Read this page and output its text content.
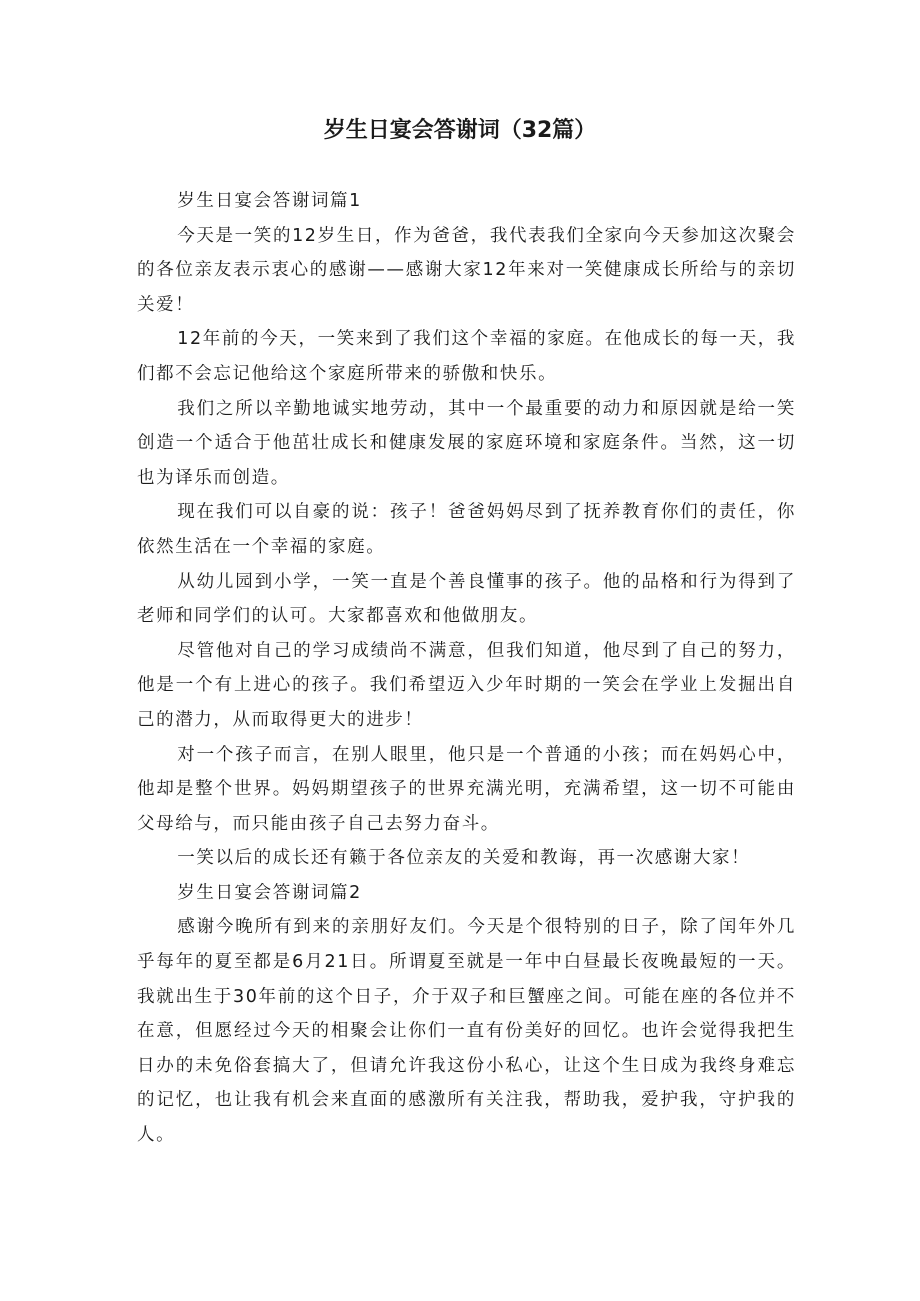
岁生日宴会答谢词（32篇）

岁生日宴会答谢词篇1

今天是一笑的12岁生日，作为爸爸，我代表我们全家向今天参加这次聚会的各位亲友表示衷心的感谢——感谢大家12年来对一笑健康成长所给与的亲切关爱！

12年前的今天，一笑来到了我们这个幸福的家庭。在他成长的每一天，我们都不会忘记他给这个家庭所带来的骄傲和快乐。

我们之所以辛勤地诚实地劳动，其中一个最重要的动力和原因就是给一笑创造一个适合于他茁壮成长和健康发展的家庭环境和家庭条件。当然，这一切也为译乐而创造。

现在我们可以自豪的说：孩子！爸爸妈妈尽到了抚养教育你们的责任，你依然生活在一个幸福的家庭。

从幼儿园到小学，一笑一直是个善良懂事的孩子。他的品格和行为得到了老师和同学们的认可。大家都喜欢和他做朋友。

尽管他对自己的学习成绩尚不满意，但我们知道，他尽到了自己的努力，他是一个有上进心的孩子。我们希望迈入少年时期的一笑会在学业上发掘出自己的潜力，从而取得更大的进步！

对一个孩子而言，在别人眼里，他只是一个普通的小孩；而在妈妈心中，他却是整个世界。妈妈期望孩子的世界充满光明，充满希望，这一切不可能由父母给与，而只能由孩子自己去努力奋斗。

一笑以后的成长还有籁于各位亲友的关爱和教诲，再一次感谢大家！

岁生日宴会答谢词篇2

感谢今晚所有到来的亲朋好友们。今天是个很特别的日子，除了闰年外几乎每年的夏至都是6月21日。所谓夏至就是一年中白昼最长夜晚最短的一天。我就出生于30年前的这个日子，介于双子和巨蟹座之间。可能在座的各位并不在意，但愿经过今天的相聚会让你们一直有份美好的回忆。也许会觉得我把生日办的未免俗套搞大了，但请允许我这份小私心，让这个生日成为我终身难忘的记忆，也让我有机会来直面的感激所有关注我，帮助我，爱护我，守护我的人。
